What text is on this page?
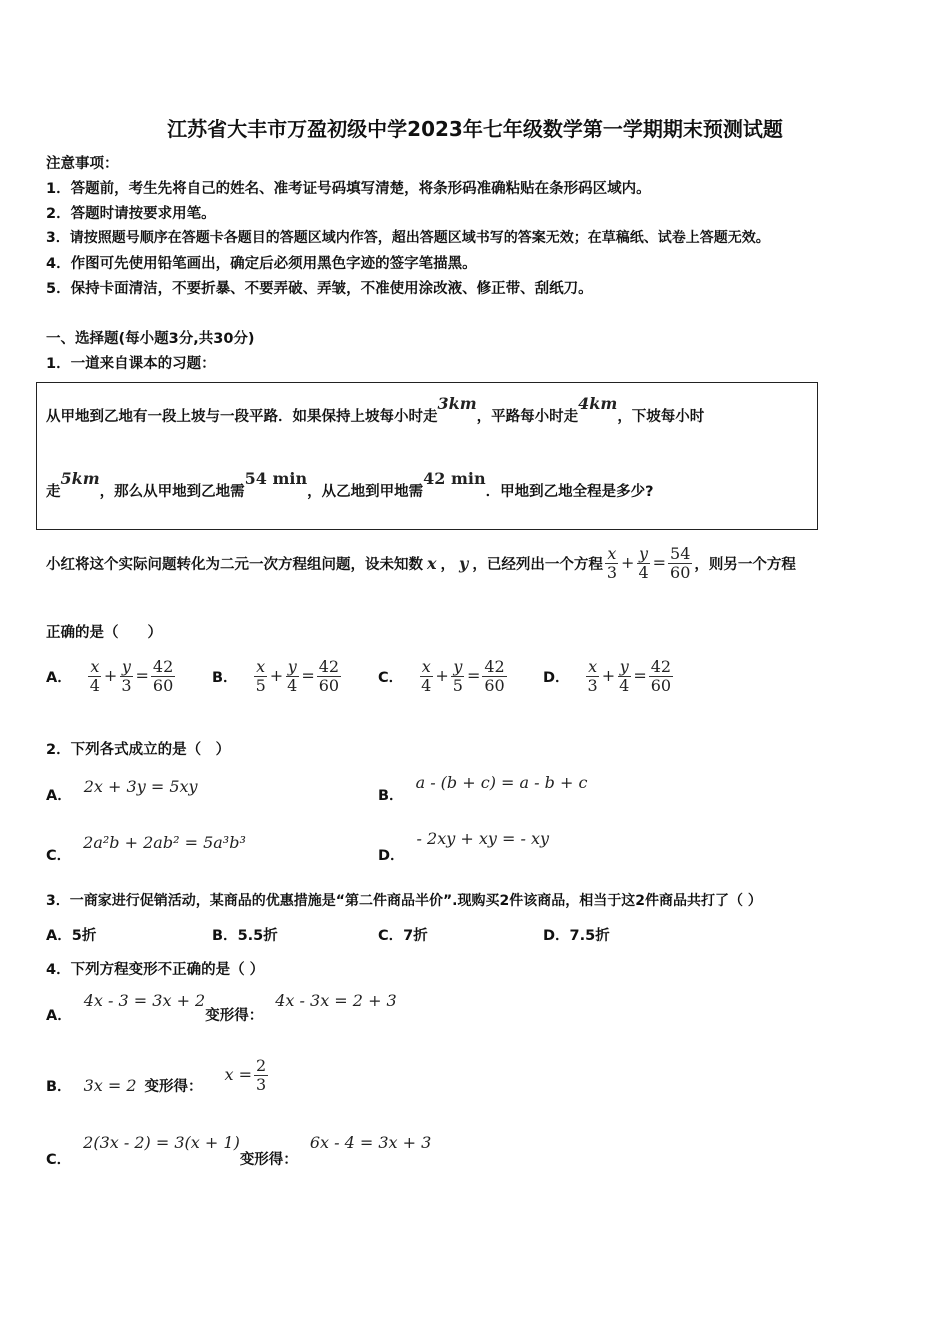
江苏省大丰市万盈初级中学2023年七年级数学第一学期期末预测试题
注意事项：
1．答题前，考生先将自己的姓名、准考证号码填写清楚，将条形码准确粘贴在条形码区域内。
2．答题时请按要求用笔。
3．请按照题号顺序在答题卡各题目的答题区域内作答，超出答题区域书写的答案无效；在草稿纸、试卷上答题无效。
4．作图可先使用铅笔画出，确定后必须用黑色字迹的签字笔描黑。
5．保持卡面清洁，不要折暴、不要弄破、弄皱，不准使用涂改液、修正带、刮纸刀。
一、选择题(每小题3分,共30分)
1．一道来自课本的习题：
从甲地到乙地有一段上坡与一段平路．如果保持上坡每小时走3km，平路每小时走4km，下坡每小时
走5km，那么从甲地到乙地需54 min，从乙地到甲地需42 min．甲地到乙地全程是多少?
小红将这个实际问题转化为二元一次方程组问题，设未知数 x ， y ，已经列出一个方程 $\frac{x}{3} + \frac{y}{4} = \frac{54}{60}$ ，则另一个方程
正确的是（　　）
A． $\frac{x}{4} + \frac{y}{3} = \frac{42}{60}$	B． $\frac{x}{5} + \frac{y}{4} = \frac{42}{60}$	C． $\frac{x}{4} + \frac{y}{5} = \frac{42}{60}$	D． $\frac{x}{3} + \frac{y}{4} = \frac{42}{60}$
2．下列各式成立的是（　）
A． 2x + 3y = 5xy	B．a - (b + c) = a - b + c
C．2a²b + 2ab² = 5a³b³
D．- 2xy + xy = - xy
3．一商家进行促销活动，某商品的优惠措施是“第二件商品半价”.现购买2件该商品，相当于这2件商品共打了（ ）
A．5折	B．5.5折	C．7折	D．7.5折
4．下列方程变形不正确的是（ ）
A．4x - 3 = 3x + 2变形得：4x - 3x = 2 + 3
B． 3x = 2 变形得：
$x = \frac{2}{3}$
C．2(3x - 2) = 3(x + 1)变形得：6x - 4 = 3x + 3
